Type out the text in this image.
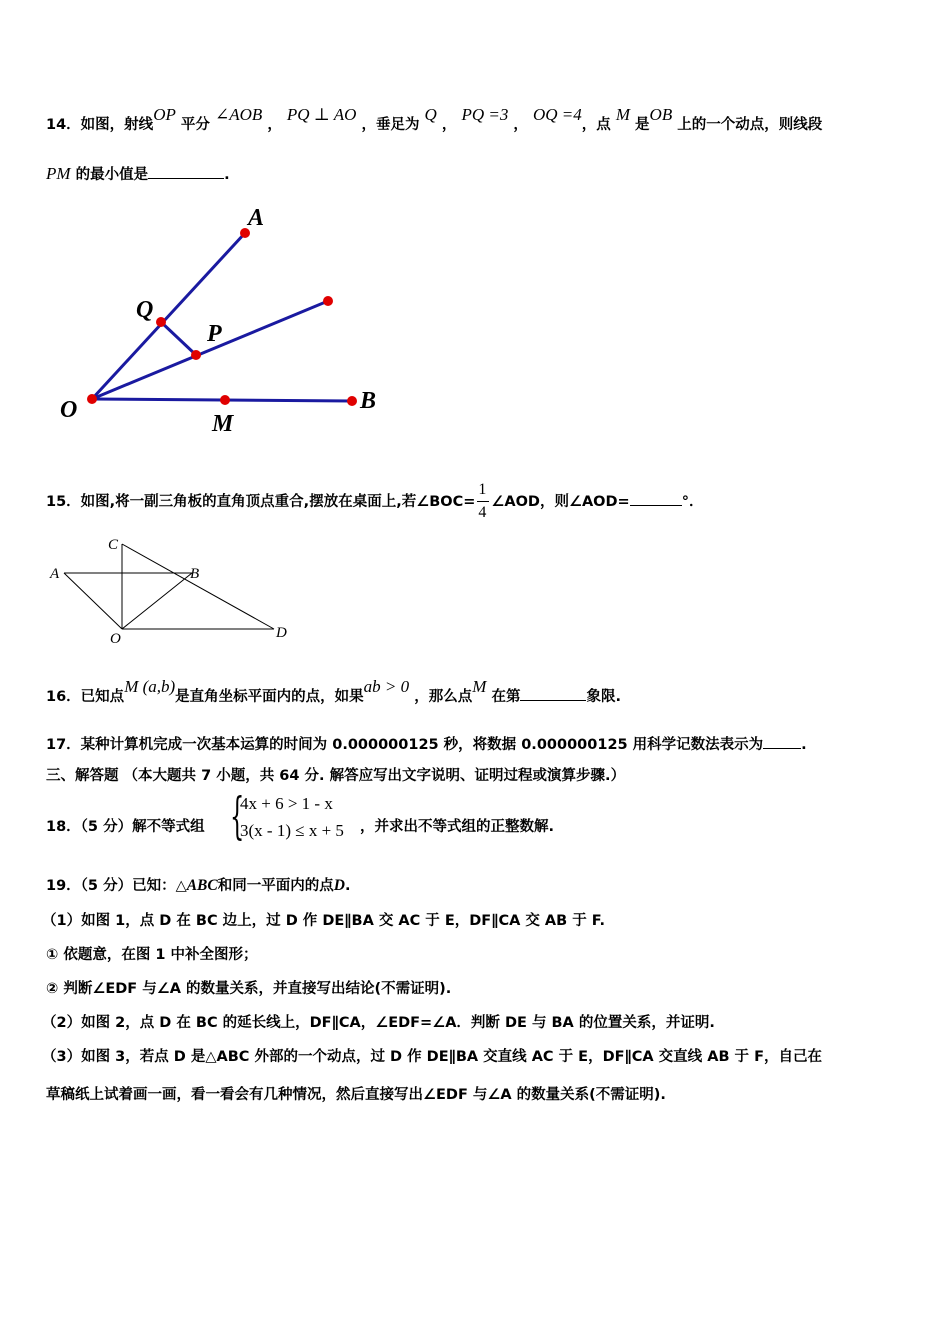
14．如图，射线OP 平分 ∠AOB ， PQ ⊥ AO ，垂足为 Q ， PQ =3 ， OQ =4，点 M 是OB 上的一个动点，则线段
PM 的最小值是	.
A
Q
P
O
M
B
15．如图,将一副三角板的直角顶点重合,摆放在桌面上,若∠BOC= $\frac{1}{4}$ ∠AOD，则∠AOD=	°．
C
A	B
O	D
16．已知点M (a,b)是直角坐标平面内的点，如果ab > 0 ，那么点M 在第	象限.
17．某种计算机完成一次基本运算的时间为 0.000000125 秒，将数据 0.000000125 用科学记数法表示为	.
三、解答题 （本大题共 7 小题，共 64 分. 解答应写出文字说明、证明过程或演算步骤.）
18．（5 分）解不等式组 {
4x + 6 > 1 - x
3(x - 1) ≤ x + 5 ，并求出不等式组的正整数解.
19．（5 分）已知：△ABC和同一平面内的点D.
（1）如图 1，点 D 在 BC 边上，过 D 作 DE∥BA 交 AC 于 E，DF∥CA 交 AB 于 F.
① 依题意，在图 1 中补全图形；
② 判断∠EDF 与∠A 的数量关系，并直接写出结论(不需证明).
（2）如图 2，点 D 在 BC 的延长线上，DF∥CA，∠EDF=∠A．判断 DE 与 BA 的位置关系，并证明.
（3）如图 3，若点 D 是△ABC 外部的一个动点，过 D 作 DE∥BA 交直线 AC 于 E，DF∥CA 交直线 AB 于 F，自己在
草稿纸上试着画一画，看一看会有几种情况，然后直接写出∠EDF 与∠A 的数量关系(不需证明).
